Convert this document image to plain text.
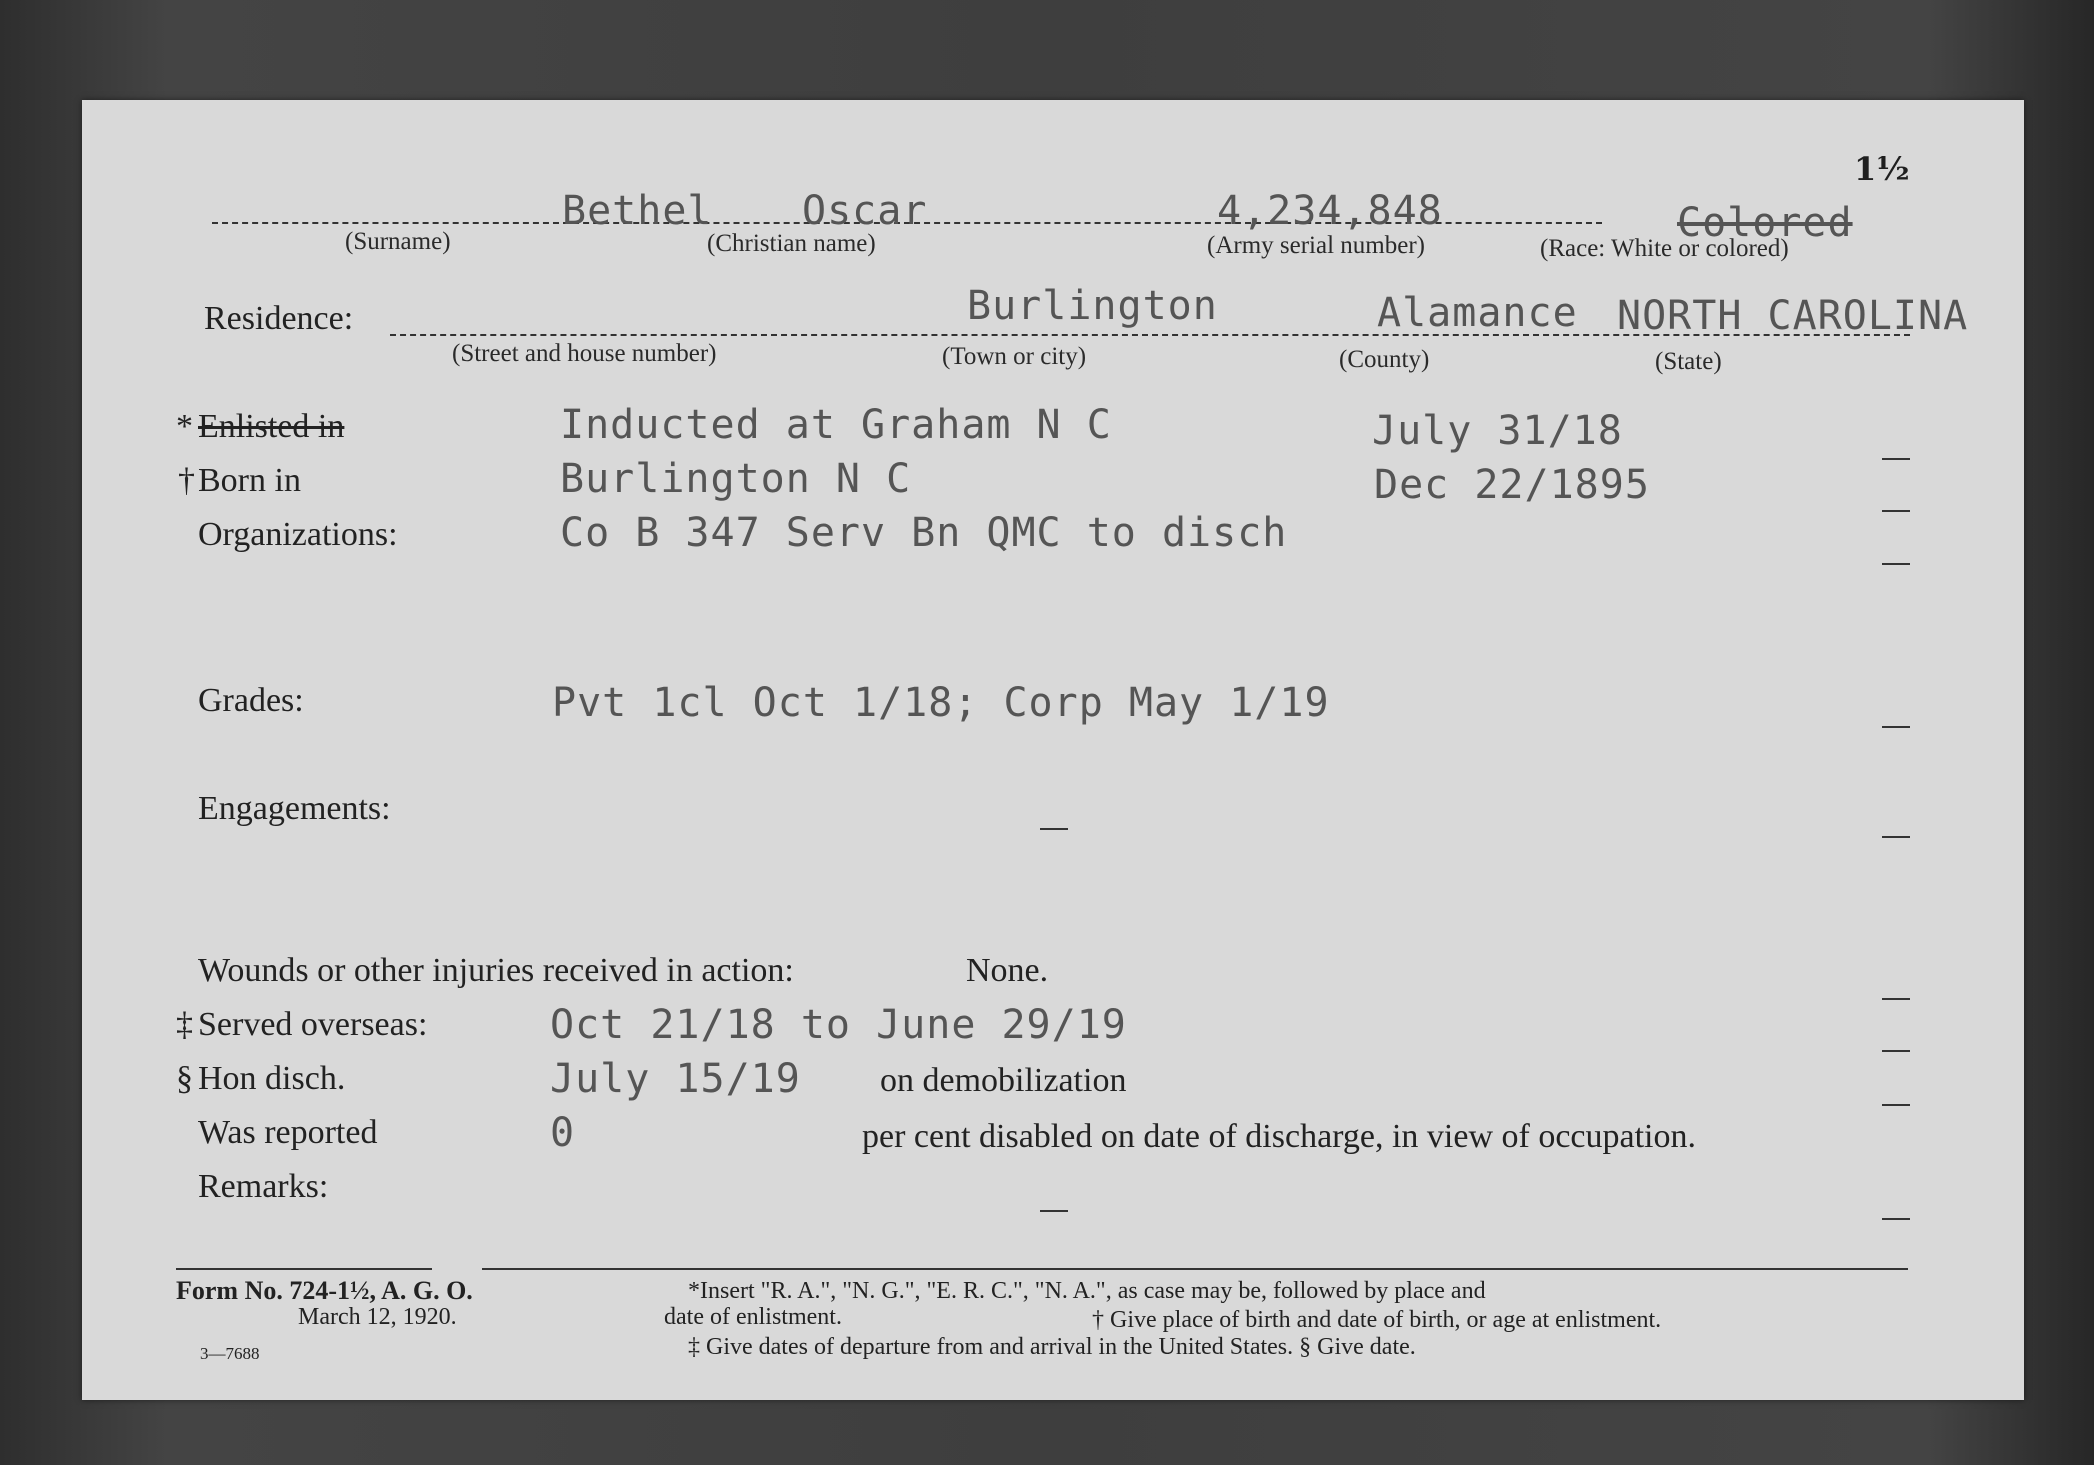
1½
Bethel Oscar	4,234,848	Colored
(Surname)	(Christian name)	(Army serial number)	(Race: White or colored)
Residence:	Burlington	Alamance NORTH CAROLINA
(Street and house number)	(Town or city)	(County)	(State)
* Enlisted in	Inducted at Graham N C	July 31/18
† Born in	Burlington N C	Dec 22/1895
Organizations:	Co B 347 Serv Bn QMC to disch
Grades:	Pvt 1cl Oct 1/18; Corp May 1/19
Engagements:
Wounds or other injuries received in action:	None.
‡ Served overseas:	Oct 21/18 to June 29/19
§ Hon disch.	July 15/19 on demobilization
Was reported	0	per cent disabled on date of discharge, in view of occupation.
Remarks:
Form No. 724-1½, A. G. O.
March 12, 1920.
3—7688
*Insert "R. A.", "N. G.", "E. R. C.", "N. A.", as case may be, followed by place and
date of enlistment.	† Give place of birth and date of birth, or age at enlistment.
‡ Give dates of departure from and arrival in the United States. § Give date.
